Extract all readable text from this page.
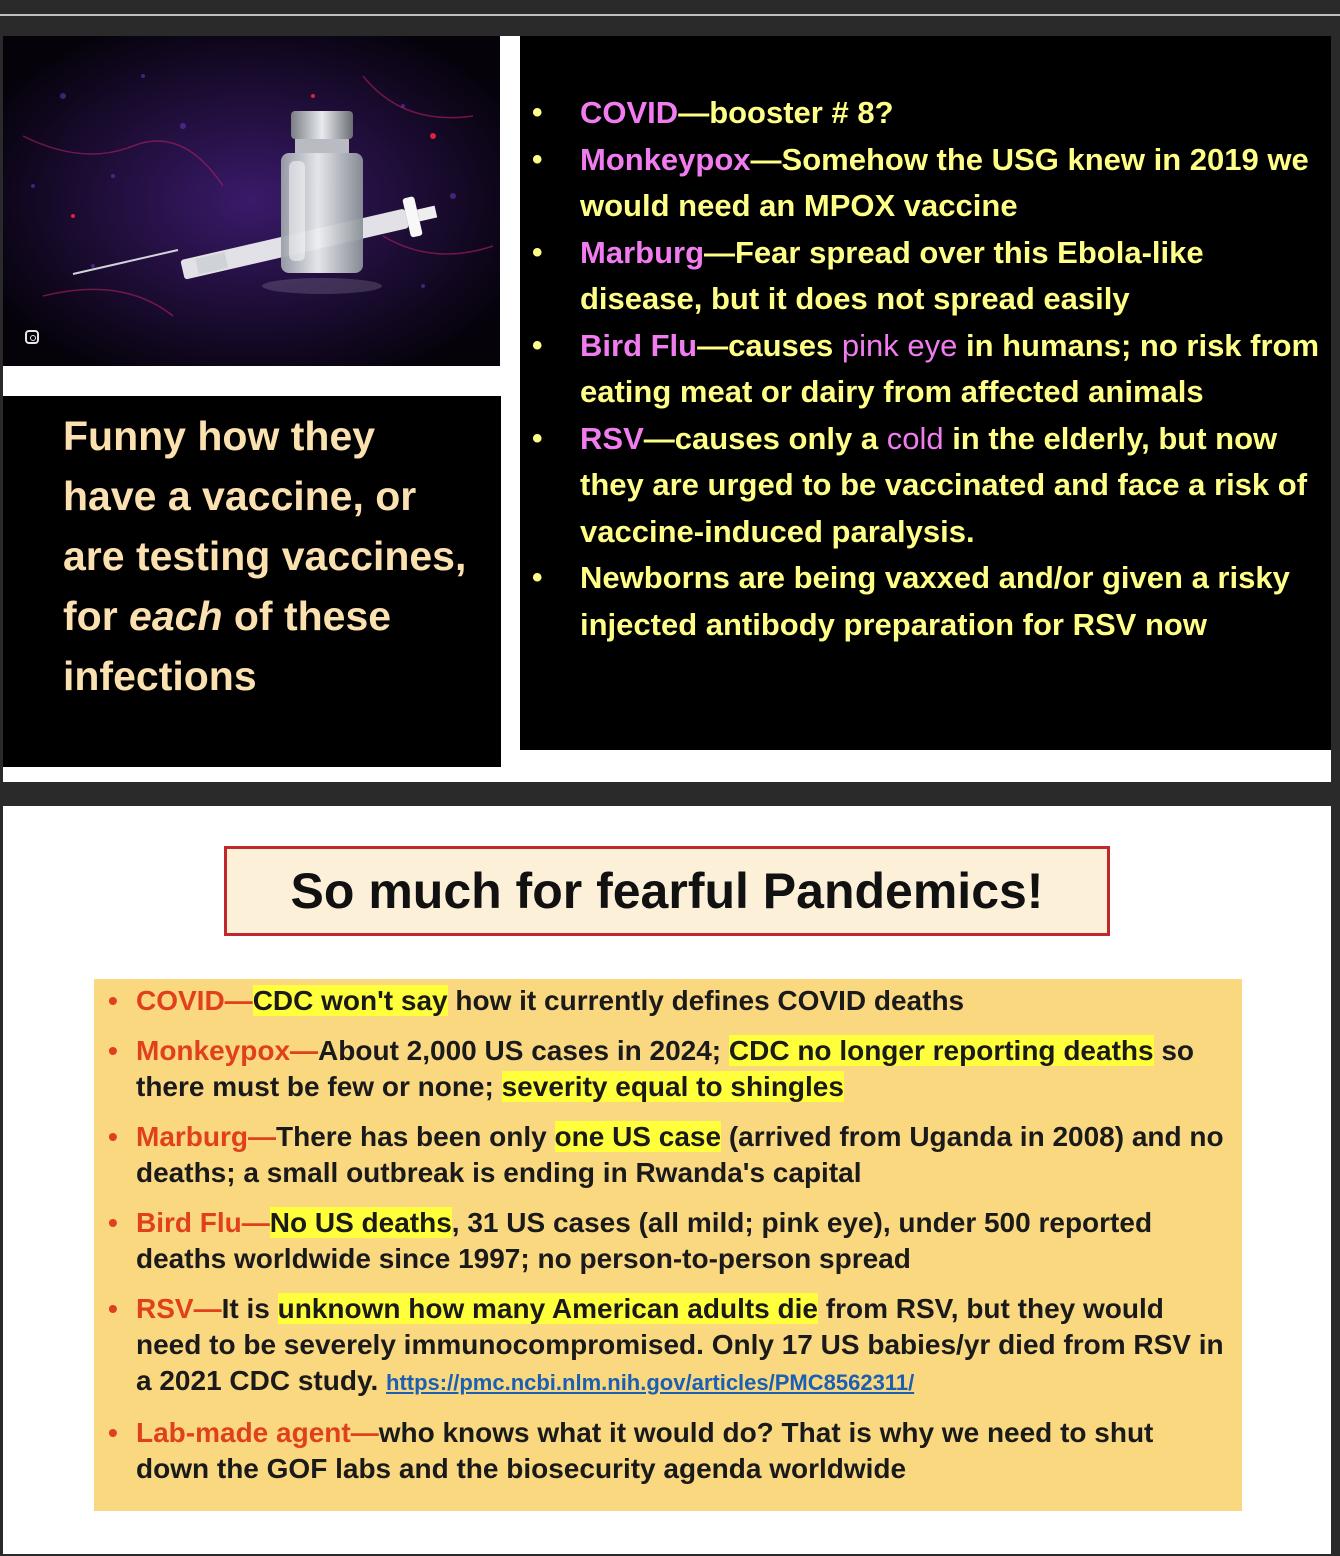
Funny how they

have a vaccine, or

are testing vaccines,

for each of these

infections

• COVID—booster # 8?
• Monkeypox—Somehow the USG knew in 2019 we would need an MPOX vaccine
• Marburg—Fear spread over this Ebola-like disease, but it does not spread easily
• Bird Flu—causes pink eye in humans; no risk from eating meat or dairy from affected animals
• RSV—causes only a cold in the elderly, but now they are urged to be vaccinated and face a risk of vaccine-induced paralysis.
• Newborns are being vaxxed and/or given a risky injected antibody preparation for RSV now
So much for fearful Pandemics!
• COVID—CDC won't say how it currently defines COVID deaths
• Monkeypox—About 2,000 US cases in 2024; CDC no longer reporting deaths so there must be few or none; severity equal to shingles
• Marburg—There has been only one US case (arrived from Uganda in 2008) and no deaths; a small outbreak is ending in Rwanda's capital
• Bird Flu—No US deaths, 31 US cases (all mild; pink eye), under 500 reported deaths worldwide since 1997; no person-to-person spread
• RSV—It is unknown how many American adults die from RSV, but they would need to be severely immunocompromised. Only 17 US babies/yr died from RSV in a 2021 CDC study. https://pmc.ncbi.nlm.nih.gov/articles/PMC8562311/
• Lab-made agent—who knows what it would do? That is why we need to shut down the GOF labs and the biosecurity agenda worldwide
